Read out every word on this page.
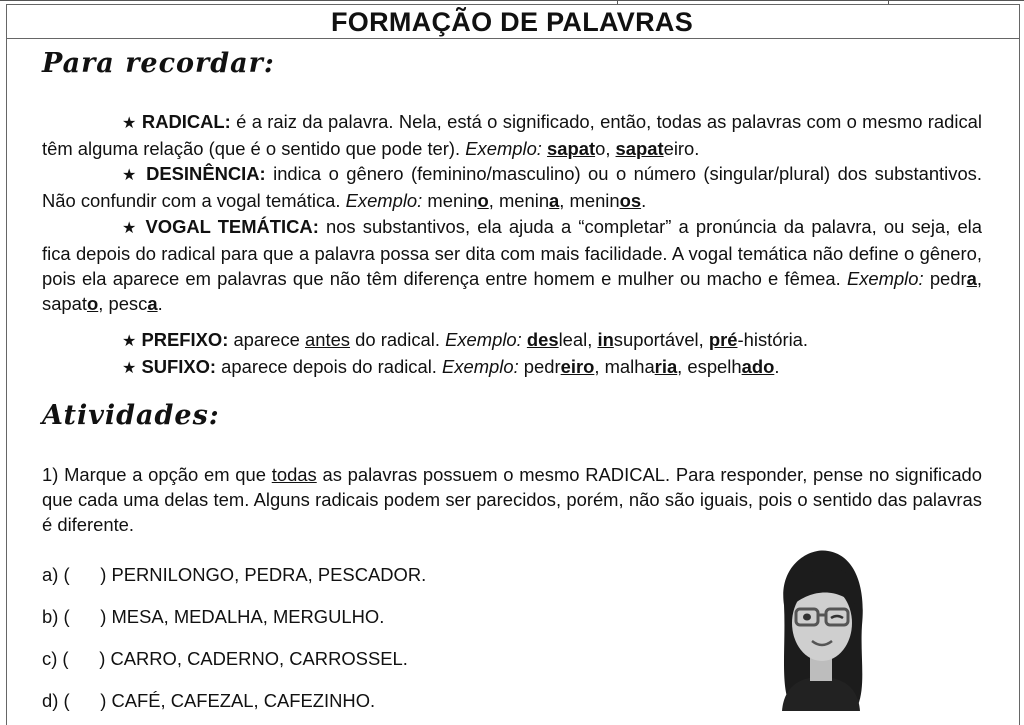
FORMAÇÃO DE PALAVRAS
Para recordar:

★ RADICAL: é a raiz da palavra. Nela, está o significado, então, todas as palavras com o mesmo radical têm alguma relação (que é o sentido que pode ter). Exemplo: sapato, sapateiro.

★ DESINÊNCIA: indica o gênero (feminino/masculino) ou o número (singular/plural) dos substantivos. Não confundir com a vogal temática. Exemplo: menino, menina, meninos.

★ VOGAL TEMÁTICA: nos substantivos, ela ajuda a “completar” a pronúncia da palavra, ou seja, ela fica depois do radical para que a palavra possa ser dita com mais facilidade. A vogal temática não define o gênero, pois ela aparece em palavras que não têm diferença entre homem e mulher ou macho e fêmea. Exemplo: pedra, sapato, pesca.

★ PREFIXO: aparece antes do radical. Exemplo: desleal, insuportável, pré-história.

★ SUFIXO: aparece depois do radical. Exemplo: pedreiro, malharia, espelhado.

Atividades:

1) Marque a opção em que todas as palavras possuem o mesmo RADICAL. Para responder, pense no significado que cada uma delas tem. Alguns radicais podem ser parecidos, porém, não são iguais, pois o sentido das palavras é diferente.

a) (      ) PERNILONGO, PEDRA, PESCADOR.
b) (      ) MESA, MEDALHA, MERGULHO.
c) (      ) CARRO, CADERNO, CARROSSEL.
d) (      ) CAFÉ, CAFEZAL, CAFEZINHO.
